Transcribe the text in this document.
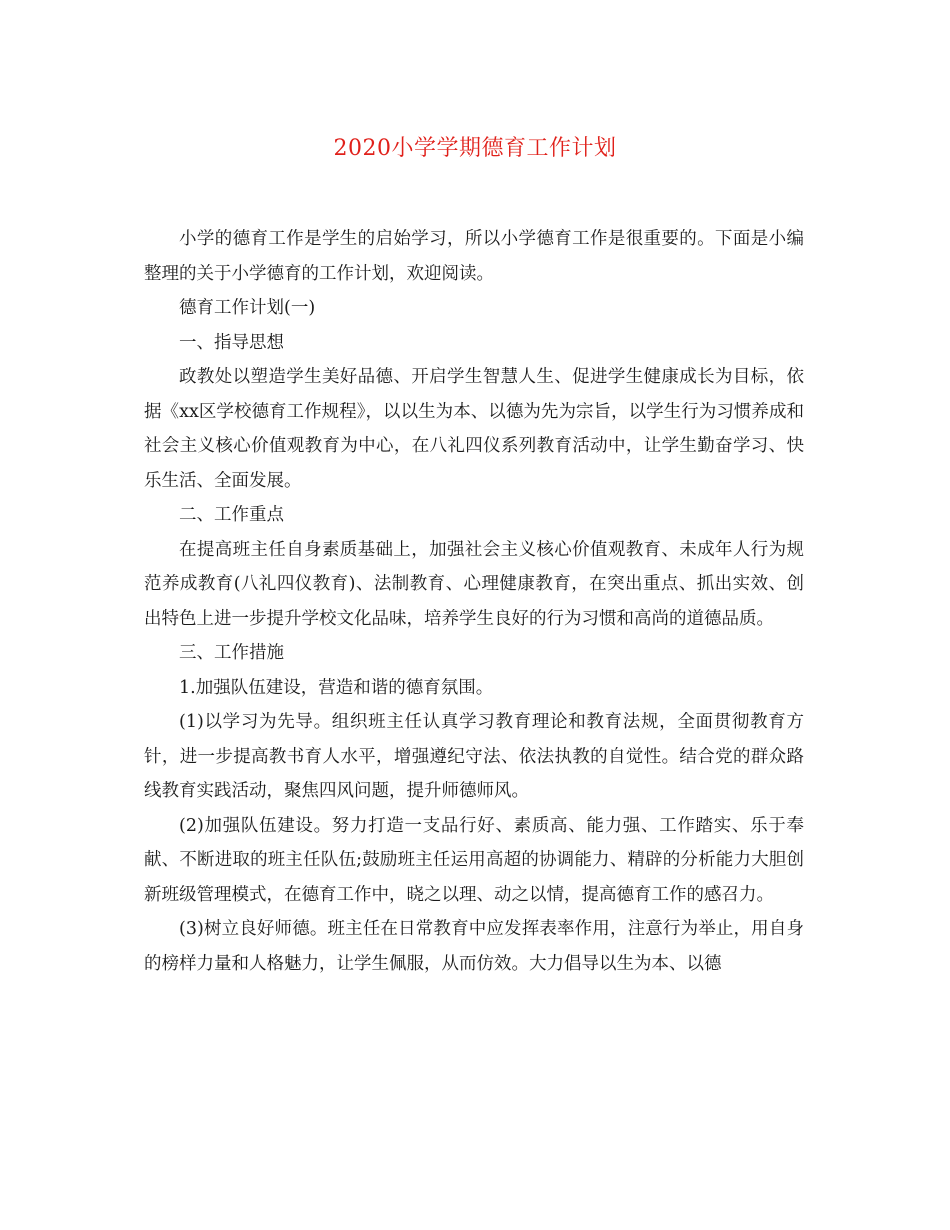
2020小学学期德育工作计划

小学的德育工作是学生的启始学习，所以小学德育工作是很重要的。下面是小编整理的关于小学德育的工作计划，欢迎阅读。

德育工作计划(一)

一、指导思想

政教处以塑造学生美好品德、开启学生智慧人生、促进学生健康成长为目标，依据《xx区学校德育工作规程》，以以生为本、以德为先为宗旨，以学生行为习惯养成和社会主义核心价值观教育为中心，在八礼四仪系列教育活动中，让学生勤奋学习、快乐生活、全面发展。

二、工作重点

在提高班主任自身素质基础上，加强社会主义核心价值观教育、未成年人行为规范养成教育(八礼四仪教育)、法制教育、心理健康教育，在突出重点、抓出实效、创出特色上进一步提升学校文化品味，培养学生良好的行为习惯和高尚的道德品质。

三、工作措施

1.加强队伍建设，营造和谐的德育氛围。

(1)以学习为先导。组织班主任认真学习教育理论和教育法规，全面贯彻教育方针，进一步提高教书育人水平，增强遵纪守法、依法执教的自觉性。结合党的群众路线教育实践活动，聚焦四风问题，提升师德师风。

(2)加强队伍建设。努力打造一支品行好、素质高、能力强、工作踏实、乐于奉献、不断进取的班主任队伍;鼓励班主任运用高超的协调能力、精辟的分析能力大胆创新班级管理模式，在德育工作中，晓之以理、动之以情，提高德育工作的感召力。

(3)树立良好师德。班主任在日常教育中应发挥表率作用，注意行为举止，用自身的榜样力量和人格魅力，让学生佩服，从而仿效。大力倡导以生为本、以德
